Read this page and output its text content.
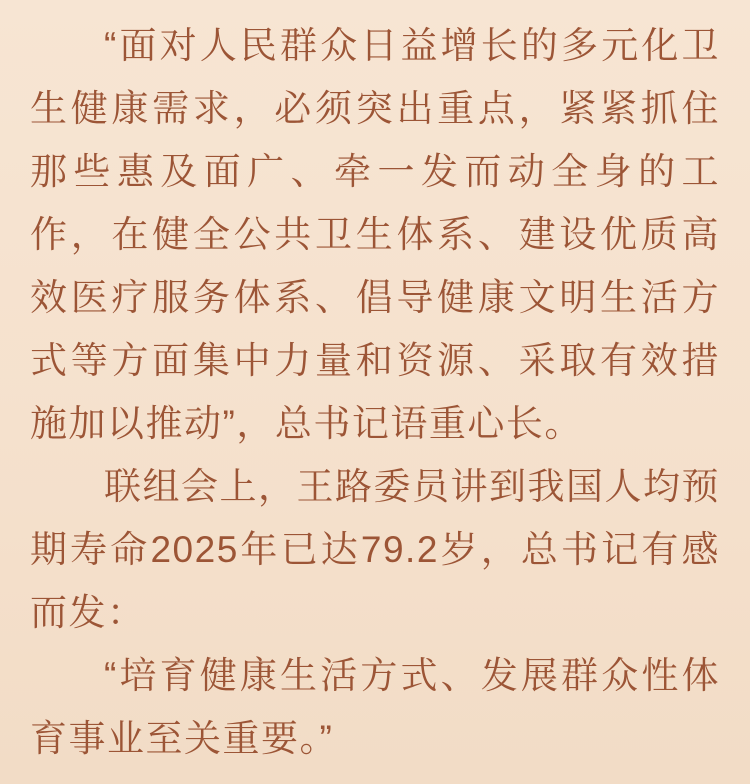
“面对人民群众日益增长的多元化卫生健康需求，必须突出重点，紧紧抓住那些惠及面广、牵一发而动全身的工作，在健全公共卫生体系、建设优质高效医疗服务体系、倡导健康文明生活方式等方面集中力量和资源、采取有效措施加以推动”，总书记语重心长。

联组会上，王路委员讲到我国人均预期寿命2025年已达79.2岁，总书记有感而发：

“培育健康生活方式、发展群众性体育事业至关重要。”
